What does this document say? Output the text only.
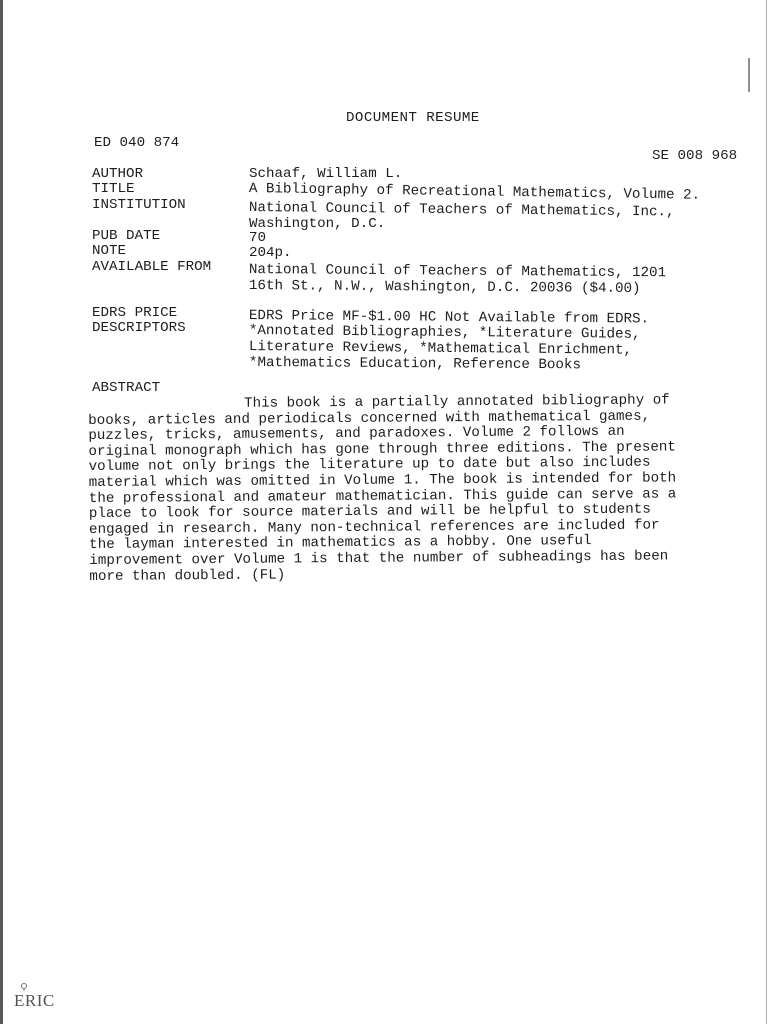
DOCUMENT RESUME
ED 040 874
SE 008 968
AUTHOR	Schaaf, William L.
TITLE	A Bibliography of Recreational Mathematics, Volume 2.
INSTITUTION	National Council of Teachers of Mathematics, Inc.,
Washington, D.C.
PUB DATE	70
NOTE	204p.
AVAILABLE FROM	National Council of Teachers of Mathematics, 1201
16th St., N.W., Washington, D.C. 20036 ($4.00)
EDRS PRICE	EDRS Price MF-$1.00 HC Not Available from EDRS.
DESCRIPTORS	*Annotated Bibliographies, *Literature Guides,
Literature Reviews, *Mathematical Enrichment,
*Mathematics Education, Reference Books
ABSTRACT
This book is a partially annotated bibliography of
books, articles and periodicals concerned with mathematical games,
puzzles, tricks, amusements, and paradoxes. Volume 2 follows an
original monograph which has gone through three editions. The present
volume not only brings the literature up to date but also includes
material which was omitted in Volume 1. The book is intended for both
the professional and amateur mathematician. This guide can serve as a
place to look for source materials and will be helpful to students
engaged in research. Many non-technical references are included for
the layman interested in mathematics as a hobby. One useful
improvement over Volume 1 is that the number of subheadings has been
more than doubled. (FL)
ERIC
